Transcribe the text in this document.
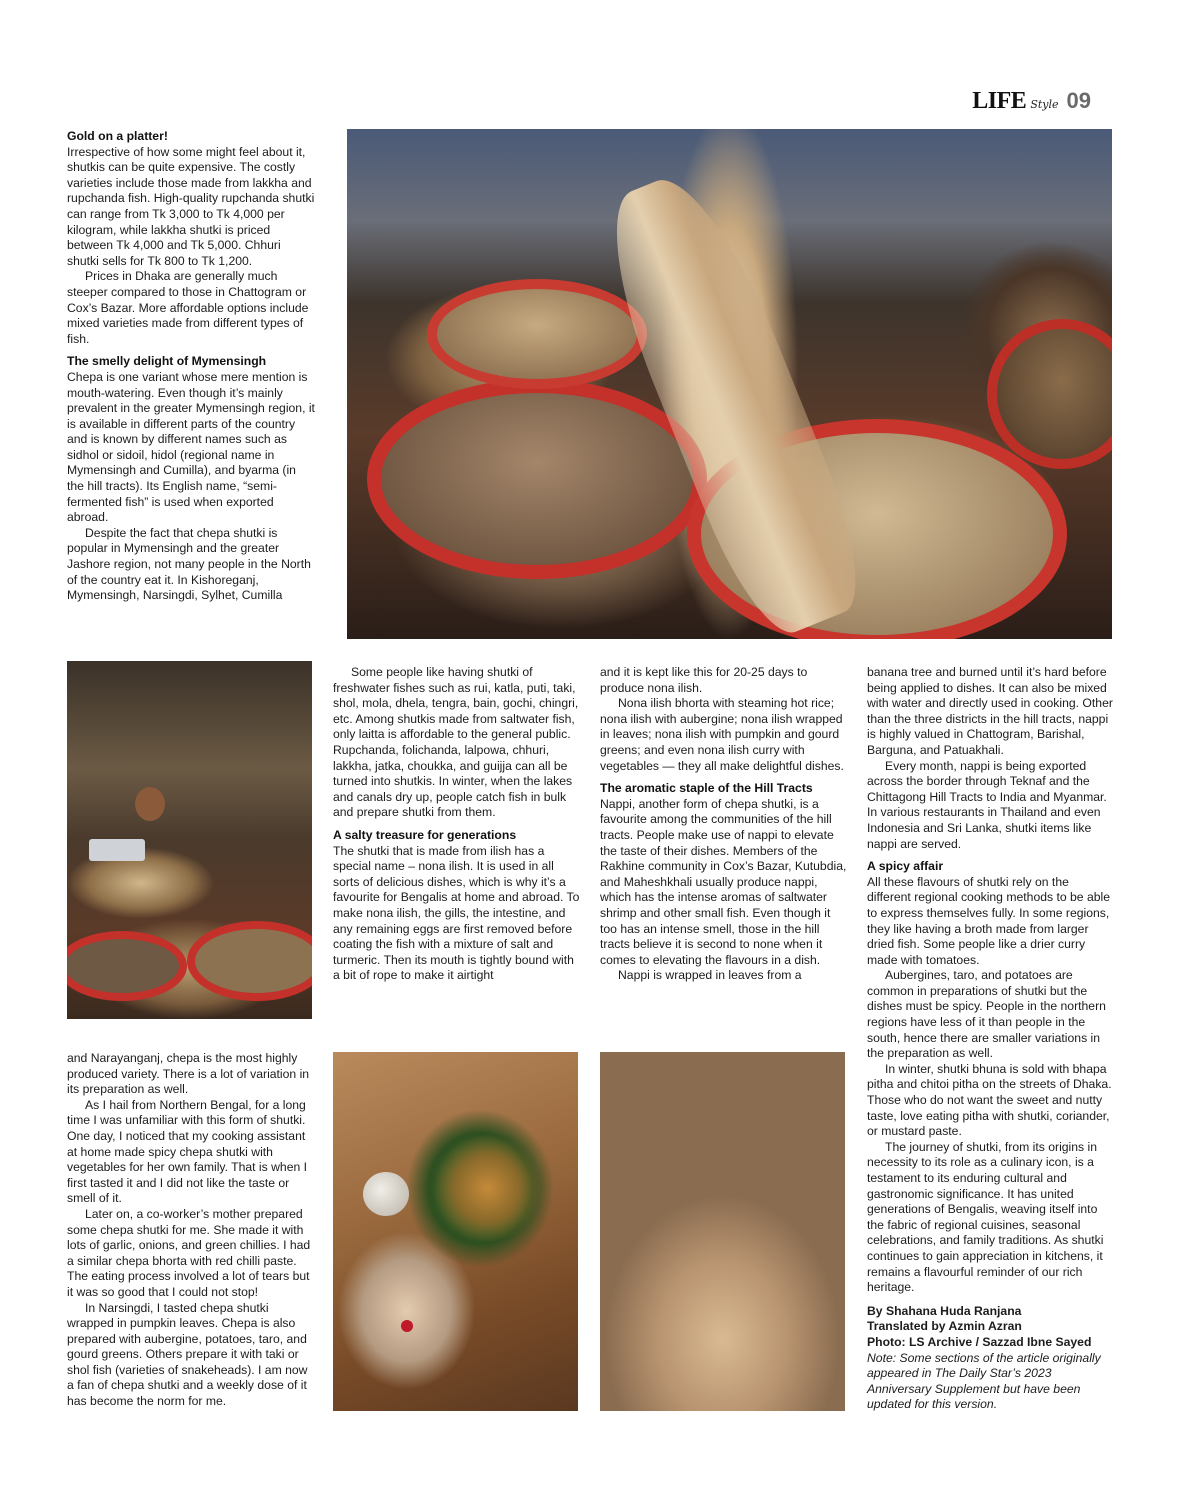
LIFE Style 09
Gold on a platter!

Irrespective of how some might feel about it, shutkis can be quite expensive. The costly varieties include those made from lakkha and rupchanda fish. High-quality rupchanda shutki can range from Tk 3,000 to Tk 4,000 per kilogram, while lakkha shutki is priced between Tk 4,000 and Tk 5,000. Chhuri shutki sells for Tk 800 to Tk 1,200.

Prices in Dhaka are generally much steeper compared to those in Chattogram or Cox’s Bazar. More affordable options include mixed varieties made from different types of fish.

The smelly delight of Mymensingh

Chepa is one variant whose mere mention is mouth-watering. Even though it’s mainly prevalent in the greater Mymensingh region, it is available in different parts of the country and is known by different names such as sidhol or sidoil, hidol (regional name in Mymensingh and Cumilla), and byarma (in the hill tracts). Its English name, “semi-fermented fish” is used when exported abroad.

Despite the fact that chepa shutki is popular in Mymensingh and the greater Jashore region, not many people in the North of the country eat it. In Kishoreganj, Mymensingh, Narsingdi, Sylhet, Cumilla

and Narayanganj, chepa is the most highly produced variety. There is a lot of variation in its preparation as well.

As I hail from Northern Bengal, for a long time I was unfamiliar with this form of shutki. One day, I noticed that my cooking assistant at home made spicy chepa shutki with vegetables for her own family. That is when I first tasted it and I did not like the taste or smell of it.

Later on, a co-worker’s mother prepared some chepa shutki for me. She made it with lots of garlic, onions, and green chillies. I had a similar chepa bhorta with red chilli paste. The eating process involved a lot of tears but it was so good that I could not stop!

In Narsingdi, I tasted chepa shutki wrapped in pumpkin leaves. Chepa is also prepared with aubergine, potatoes, taro, and gourd greens. Others prepare it with taki or shol fish (varieties of snakeheads). I am now a fan of chepa shutki and a weekly dose of it has become the norm for me.

Some people like having shutki of freshwater fishes such as rui, katla, puti, taki, shol, mola, dhela, tengra, bain, gochi, chingri, etc. Among shutkis made from saltwater fish, only laitta is affordable to the general public. Rupchanda, folichanda, lalpowa, chhuri, lakkha, jatka, choukka, and guijja can all be turned into shutkis. In winter, when the lakes and canals dry up, people catch fish in bulk and prepare shutki from them.

A salty treasure for generations

The shutki that is made from ilish has a special name – nona ilish. It is used in all sorts of delicious dishes, which is why it’s a favourite for Bengalis at home and abroad. To make nona ilish, the gills, the intestine, and any remaining eggs are first removed before coating the fish with a mixture of salt and turmeric. Then its mouth is tightly bound with a bit of rope to make it airtight

and it is kept like this for 20-25 days to produce nona ilish.

Nona ilish bhorta with steaming hot rice; nona ilish with aubergine; nona ilish wrapped in leaves; nona ilish with pumpkin and gourd greens; and even nona ilish curry with vegetables — they all make delightful dishes.

The aromatic staple of the Hill Tracts

Nappi, another form of chepa shutki, is a favourite among the communities of the hill tracts. People make use of nappi to elevate the taste of their dishes. Members of the Rakhine community in Cox’s Bazar, Kutubdia, and Maheshkhali usually produce nappi, which has the intense aromas of saltwater shrimp and other small fish. Even though it too has an intense smell, those in the hill tracts believe it is second to none when it comes to elevating the flavours in a dish.

Nappi is wrapped in leaves from a

banana tree and burned until it’s hard before being applied to dishes. It can also be mixed with water and directly used in cooking. Other than the three districts in the hill tracts, nappi is highly valued in Chattogram, Barishal, Barguna, and Patuakhali.

Every month, nappi is being exported across the border through Teknaf and the Chittagong Hill Tracts to India and Myanmar. In various restaurants in Thailand and even Indonesia and Sri Lanka, shutki items like nappi are served.

A spicy affair

All these flavours of shutki rely on the different regional cooking methods to be able to express themselves fully. In some regions, they like having a broth made from larger dried fish. Some people like a drier curry made with tomatoes.

Aubergines, taro, and potatoes are common in preparations of shutki but the dishes must be spicy. People in the northern regions have less of it than people in the south, hence there are smaller variations in the preparation as well.

In winter, shutki bhuna is sold with bhapa pitha and chitoi pitha on the streets of Dhaka. Those who do not want the sweet and nutty taste, love eating pitha with shutki, coriander, or mustard paste.

The journey of shutki, from its origins in necessity to its role as a culinary icon, is a testament to its enduring cultural and gastronomic significance. It has united generations of Bengalis, weaving itself into the fabric of regional cuisines, seasonal celebrations, and family traditions. As shutki continues to gain appreciation in kitchens, it remains a flavourful reminder of our rich heritage.

By Shahana Huda Ranjana

Translated by Azmin Azran

Photo: LS Archive / Sazzad Ibne Sayed

Note: Some sections of the article originally appeared in The Daily Star’s 2023 Anniversary Supplement but have been updated for this version.
